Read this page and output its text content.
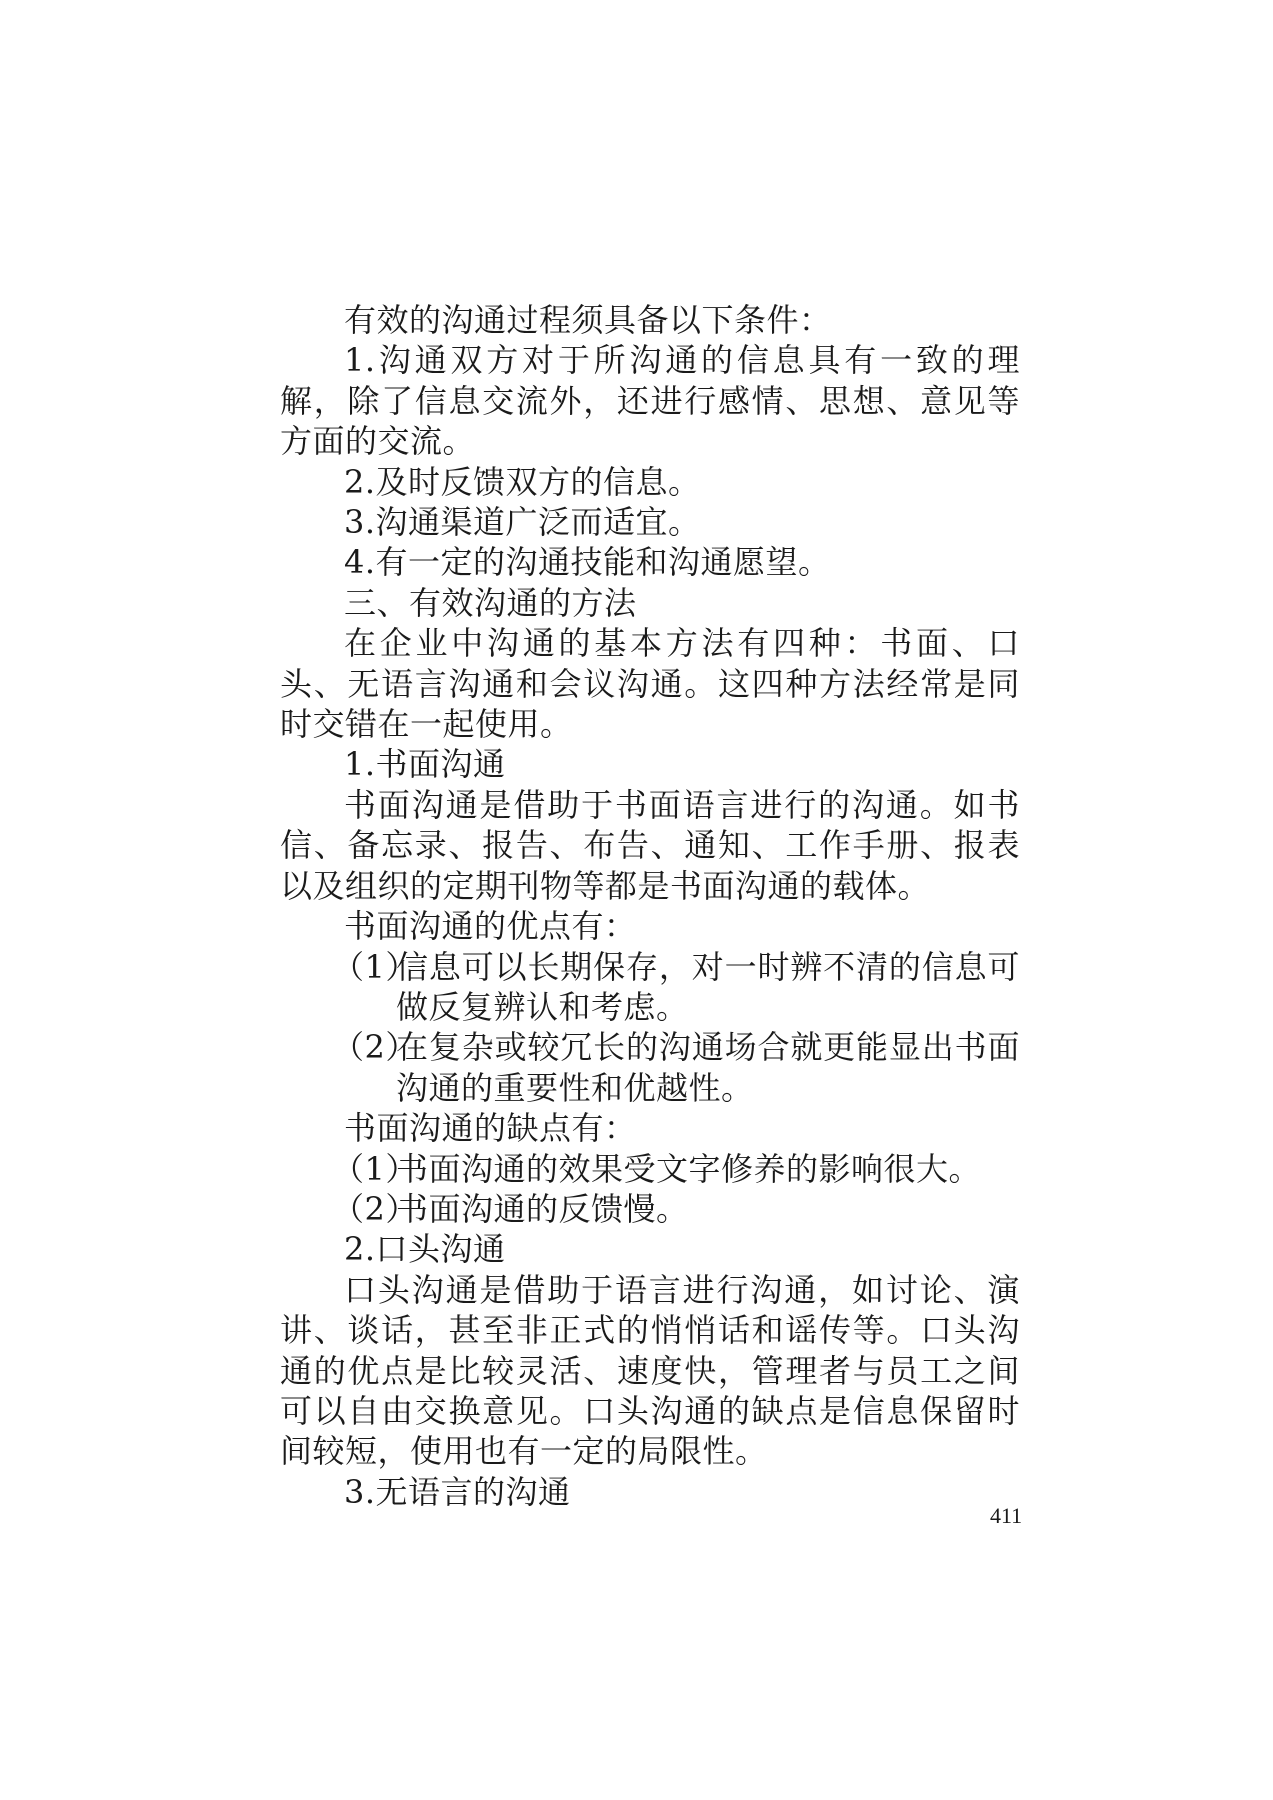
有效的沟通过程须具备以下条件：

1.沟通双方对于所沟通的信息具有一致的理解，除了信息交流外，还进行感情、思想、意见等方面的交流。

2.及时反馈双方的信息。

3.沟通渠道广泛而适宜。

4.有一定的沟通技能和沟通愿望。

三、有效沟通的方法

在企业中沟通的基本方法有四种：书面、口头、无语言沟通和会议沟通。这四种方法经常是同时交错在一起使用。

1.书面沟通

书面沟通是借助于书面语言进行的沟通。如书信、备忘录、报告、布告、通知、工作手册、报表以及组织的定期刊物等都是书面沟通的载体。

书面沟通的优点有：

（1）
信息可以长期保存，对一时辨不清的信息可做反复辨认和考虑。
（2）
在复杂或较冗长的沟通场合就更能显出书面沟通的重要性和优越性。

书面沟通的缺点有：

（1）
书面沟通的效果受文字修养的影响很大。
（2）
书面沟通的反馈慢。

2.口头沟通

口头沟通是借助于语言进行沟通，如讨论、演讲、谈话，甚至非正式的悄悄话和谣传等。口头沟通的优点是比较灵活、速度快，管理者与员工之间可以自由交换意见。口头沟通的缺点是信息保留时间较短，使用也有一定的局限性。

3.无语言的沟通

411
